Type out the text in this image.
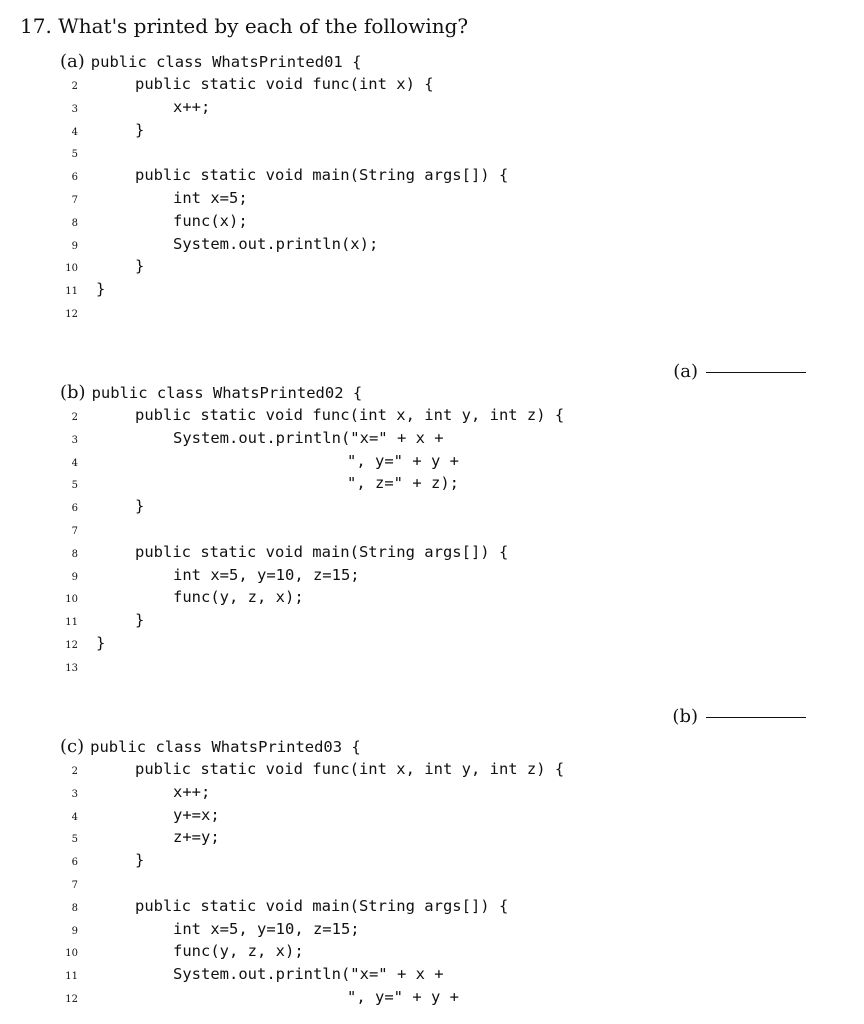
17. What's printed by each of the following?
(a) public class WhatsPrinted01 {
2	public static void func(int x) {
3	x++;
4	}
5
6	public static void main(String args[]) {
7	int x=5;
8	func(x);
9	System.out.println(x);
10	}
11 }
12
(a)
(b) public class WhatsPrinted02 {
2	public static void func(int x, int y, int z) {
3	System.out.println("x=" + x +
4	", y=" + y +
5	", z=" + z);
6	}
7
8	public static void main(String args[]) {
9	int x=5, y=10, z=15;
10	func(y, z, x);
11	}
12 }
13
(b)
(c) public class WhatsPrinted03 {
2	public static void func(int x, int y, int z) {
3	x++;
4	y+=x;
5	z+=y;
6	}
7
8	public static void main(String args[]) {
9	int x=5, y=10, z=15;
10	func(y, z, x);
11	System.out.println("x=" + x +
12	", y=" + y +
